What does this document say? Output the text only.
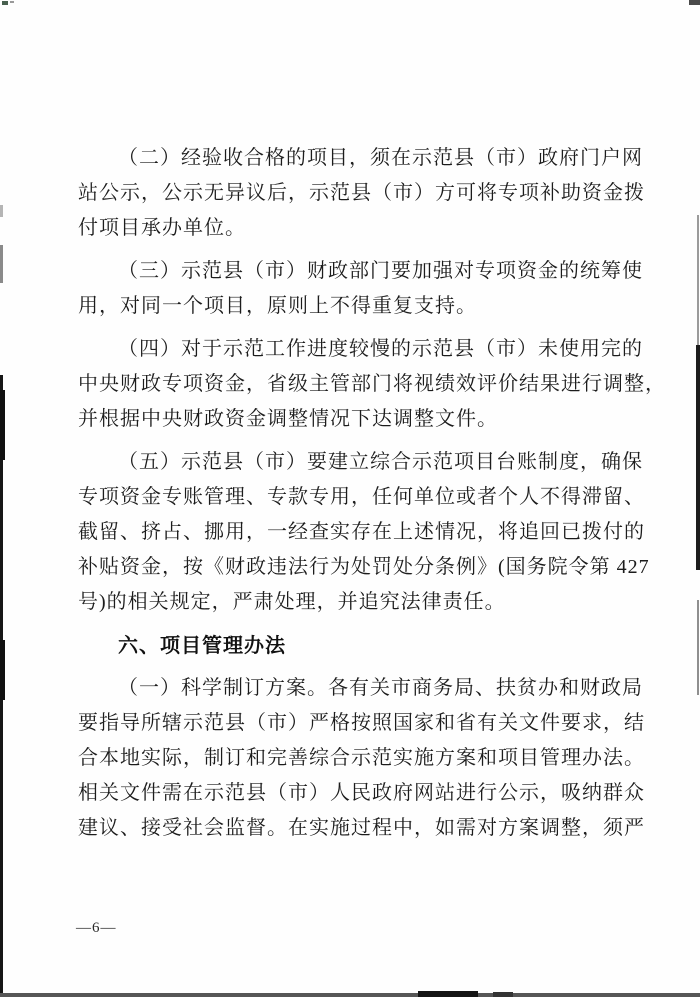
（二）经验收合格的项目，须在示范县（市）政府门户网
站公示，公示无异议后，示范县（市）方可将专项补助资金拨
付项目承办单位。
（三）示范县（市）财政部门要加强对专项资金的统筹使
用，对同一个项目，原则上不得重复支持。
（四）对于示范工作进度较慢的示范县（市）未使用完的
中央财政专项资金，省级主管部门将视绩效评价结果进行调整，
并根据中央财政资金调整情况下达调整文件。
（五）示范县（市）要建立综合示范项目台账制度，确保
专项资金专账管理、专款专用，任何单位或者个人不得滞留、
截留、挤占、挪用，一经查实存在上述情况，将追回已拨付的
补贴资金，按《财政违法行为处罚处分条例》(国务院令第 427
号)的相关规定，严肃处理，并追究法律责任。
六、项目管理办法
（一）科学制订方案。各有关市商务局、扶贫办和财政局
要指导所辖示范县（市）严格按照国家和省有关文件要求，结
合本地实际，制订和完善综合示范实施方案和项目管理办法。
相关文件需在示范县（市）人民政府网站进行公示，吸纳群众
建议、接受社会监督。在实施过程中，如需对方案调整，须严
—6—
